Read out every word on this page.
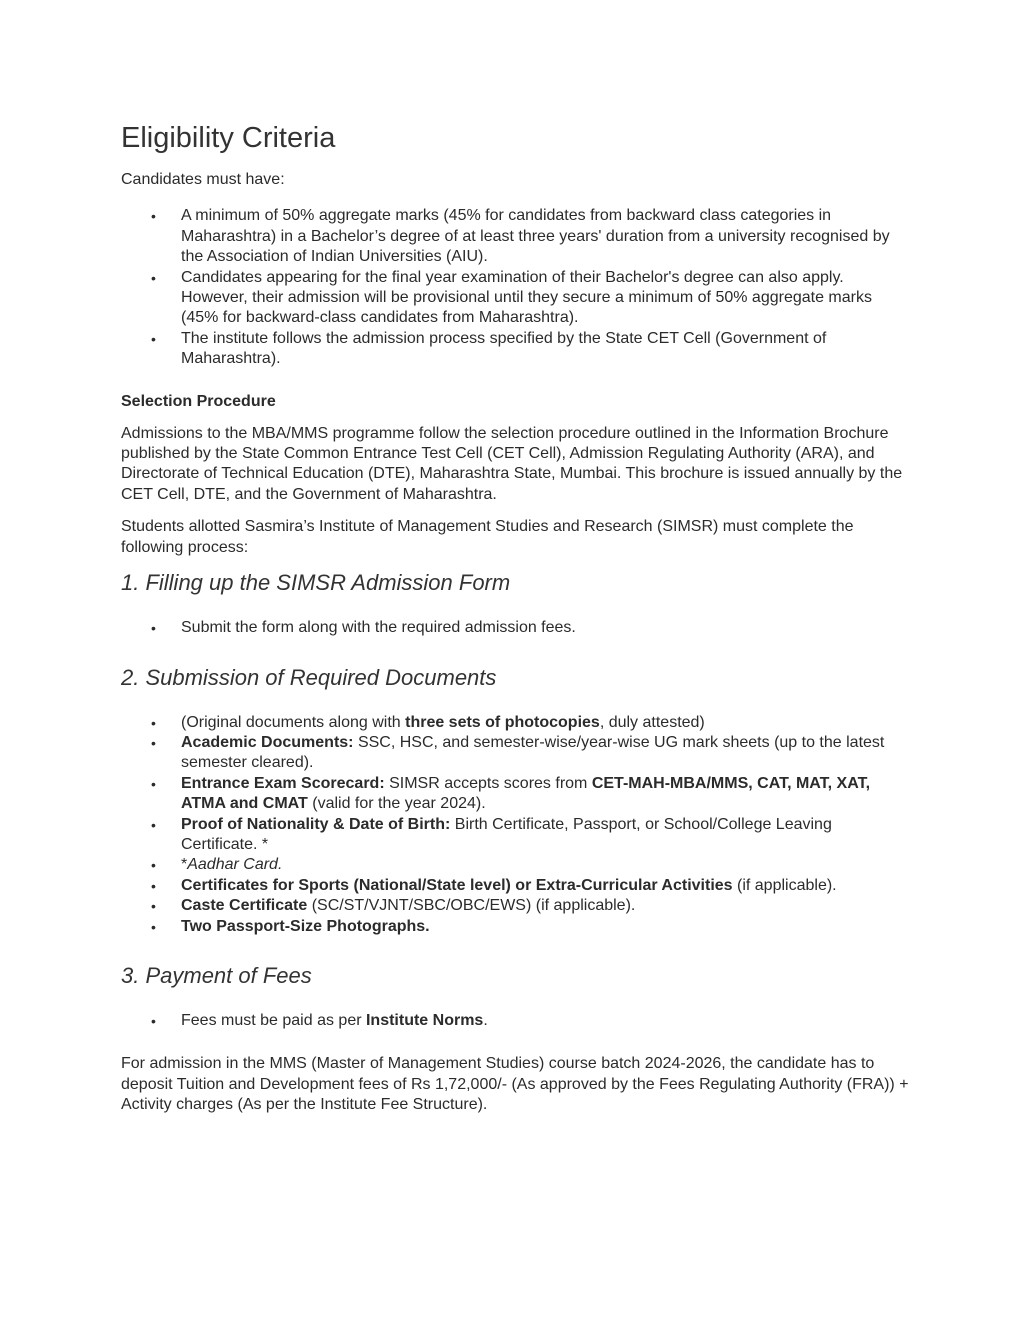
Eligibility Criteria

Candidates must have:

• A minimum of 50% aggregate marks (45% for candidates from backward class categories in Maharashtra) in a Bachelor’s degree of at least three years' duration from a university recognised by the Association of Indian Universities (AIU).
• Candidates appearing for the final year examination of their Bachelor's degree can also apply. However, their admission will be provisional until they secure a minimum of 50% aggregate marks (45% for backward-class candidates from Maharashtra).
• The institute follows the admission process specified by the State CET Cell (Government of Maharashtra).
Selection Procedure

Admissions to the MBA/MMS programme follow the selection procedure outlined in the Information Brochure published by the State Common Entrance Test Cell (CET Cell), Admission Regulating Authority (ARA), and Directorate of Technical Education (DTE), Maharashtra State, Mumbai. This brochure is issued annually by the CET Cell, DTE, and the Government of Maharashtra.

Students allotted Sasmira’s Institute of Management Studies and Research (SIMSR) must complete the following process:

1. Filling up the SIMSR Admission Form
• Submit the form along with the required admission fees.
2. Submission of Required Documents
• (Original documents along with three sets of photocopies, duly attested)
• Academic Documents: SSC, HSC, and semester-wise/year-wise UG mark sheets (up to the latest semester cleared).
• Entrance Exam Scorecard: SIMSR accepts scores from CET-MAH-MBA/MMS, CAT, MAT, XAT, ATMA and CMAT (valid for the year 2024).
• Proof of Nationality & Date of Birth: Birth Certificate, Passport, or School/College Leaving Certificate. *
• *Aadhar Card.
• Certificates for Sports (National/State level) or Extra-Curricular Activities (if applicable).
• Caste Certificate (SC/ST/VJNT/SBC/OBC/EWS) (if applicable).
• Two Passport-Size Photographs.
3. Payment of Fees
• Fees must be paid as per Institute Norms.

For admission in the MMS (Master of Management Studies) course batch 2024-2026, the candidate has to deposit Tuition and Development fees of Rs 1,72,000/- (As approved by the Fees Regulating Authority (FRA)) + Activity charges (As per the Institute Fee Structure).
